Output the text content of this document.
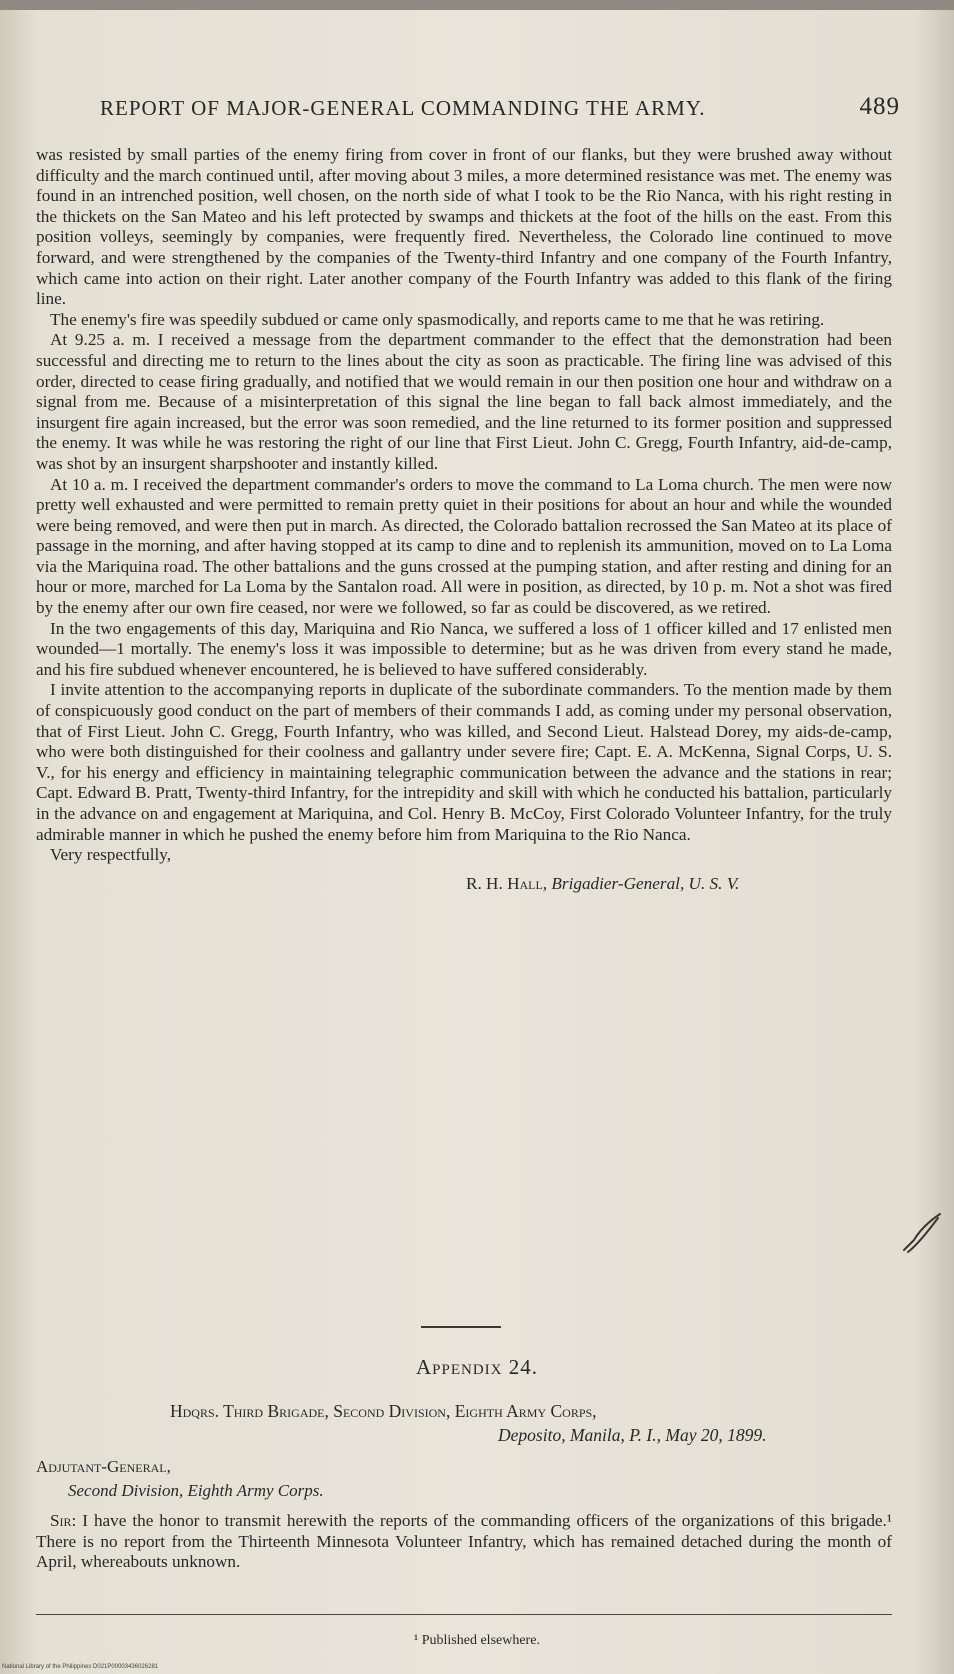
REPORT OF MAJOR-GENERAL COMMANDING THE ARMY.	489

was resisted by small parties of the enemy firing from cover in front of our flanks, but they were brushed away without difficulty and the march continued until, after moving about 3 miles, a more determined resistance was met. The enemy was found in an intrenched position, well chosen, on the north side of what I took to be the Rio Nanca, with his right resting in the thickets on the San Mateo and his left protected by swamps and thickets at the foot of the hills on the east. From this position volleys, seemingly by companies, were frequently fired. Nevertheless, the Colorado line continued to move forward, and were strengthened by the companies of the Twenty-third Infantry and one company of the Fourth Infantry, which came into action on their right. Later another company of the Fourth Infantry was added to this flank of the firing line.

The enemy's fire was speedily subdued or came only spasmodically, and reports came to me that he was retiring.

At 9.25 a. m. I received a message from the department commander to the effect that the demonstration had been successful and directing me to return to the lines about the city as soon as practicable. The firing line was advised of this order, directed to cease firing gradually, and notified that we would remain in our then position one hour and withdraw on a signal from me. Because of a misinterpretation of this signal the line began to fall back almost immediately, and the insurgent fire again increased, but the error was soon remedied, and the line returned to its former position and suppressed the enemy. It was while he was restoring the right of our line that First Lieut. John C. Gregg, Fourth Infantry, aid-de-camp, was shot by an insurgent sharpshooter and instantly killed.

At 10 a. m. I received the department commander's orders to move the command to La Loma church. The men were now pretty well exhausted and were permitted to remain pretty quiet in their positions for about an hour and while the wounded were being removed, and were then put in march. As directed, the Colorado battalion recrossed the San Mateo at its place of passage in the morning, and after having stopped at its camp to dine and to replenish its ammunition, moved on to La Loma via the Mariquina road. The other battalions and the guns crossed at the pumping station, and after resting and dining for an hour or more, marched for La Loma by the Santalon road. All were in position, as directed, by 10 p. m. Not a shot was fired by the enemy after our own fire ceased, nor were we followed, so far as could be discovered, as we retired.

In the two engagements of this day, Mariquina and Rio Nanca, we suffered a loss of 1 officer killed and 17 enlisted men wounded—1 mortally. The enemy's loss it was impossible to determine; but as he was driven from every stand he made, and his fire subdued whenever encountered, he is believed to have suffered considerably.

I invite attention to the accompanying reports in duplicate of the subordinate commanders. To the mention made by them of conspicuously good conduct on the part of members of their commands I add, as coming under my personal observation, that of First Lieut. John C. Gregg, Fourth Infantry, who was killed, and Second Lieut. Halstead Dorey, my aids-de-camp, who were both distinguished for their coolness and gallantry under severe fire; Capt. E. A. McKenna, Signal Corps, U. S. V., for his energy and efficiency in maintaining telegraphic communication between the advance and the stations in rear; Capt. Edward B. Pratt, Twenty-third Infantry, for the intrepidity and skill with which he conducted his battalion, particularly in the advance on and engagement at Mariquina, and Col. Henry B. McCoy, First Colorado Volunteer Infantry, for the truly admirable manner in which he pushed the enemy before him from Mariquina to the Rio Nanca.

Very respectfully,

R. H. Hall, Brigadier-General, U. S. V.
Appendix 24.
Hdqrs. Third Brigade, Second Division, Eighth Army Corps,
Deposito, Manila, P. I., May 20, 1899.
Adjutant-General,
Second Division, Eighth Army Corps.
Sir: I have the honor to transmit herewith the reports of the commanding officers of the organizations of this brigade.¹ There is no report from the Thirteenth Minnesota Volunteer Infantry, which has remained detached during the month of April, whereabouts unknown.
¹ Published elsewhere.
National Library of the Philippines D021P00003436026281
